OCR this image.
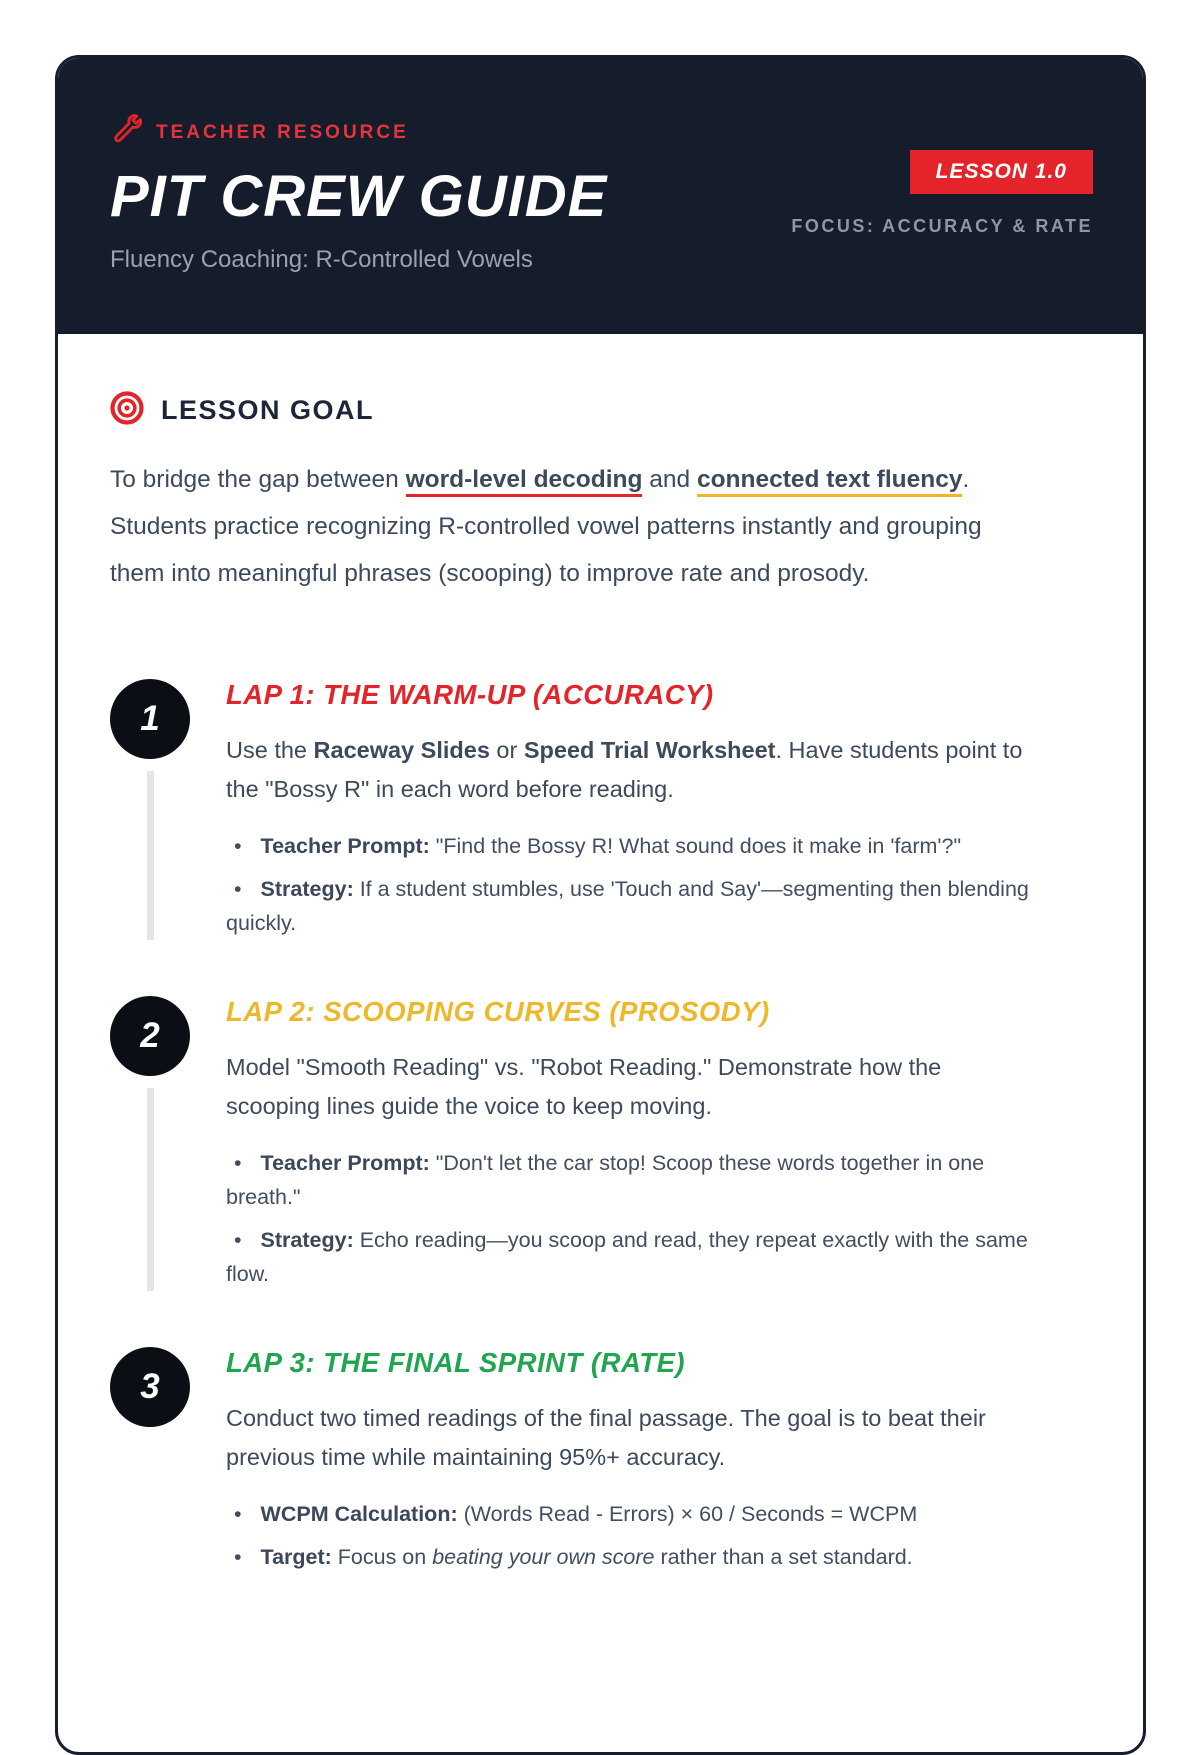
TEACHER RESOURCE
PIT CREW GUIDE
Fluency Coaching: R-Controlled Vowels
LESSON 1.0
FOCUS: ACCURACY & RATE
LESSON GOAL

To bridge the gap between word-level decoding and connected text fluency. Students practice recognizing R-controlled vowel patterns instantly and grouping them into meaningful phrases (scooping) to improve rate and prosody.

1
LAP 1: THE WARM-UP (ACCURACY)

Use the Raceway Slides or Speed Trial Worksheet. Have students point to the "Bossy R" in each word before reading.

• Teacher Prompt: "Find the Bossy R! What sound does it make in 'farm'?"
• Strategy: If a student stumbles, use 'Touch and Say'—segmenting then blending quickly.
2
LAP 2: SCOOPING CURVES (PROSODY)

Model "Smooth Reading" vs. "Robot Reading." Demonstrate how the scooping lines guide the voice to keep moving.

• Teacher Prompt: "Don't let the car stop! Scoop these words together in one breath."
• Strategy: Echo reading—you scoop and read, they repeat exactly with the same flow.
3
LAP 3: THE FINAL SPRINT (RATE)

Conduct two timed readings of the final passage. The goal is to beat their previous time while maintaining 95%+ accuracy.

• WCPM Calculation: (Words Read - Errors) × 60 / Seconds = WCPM
• Target: Focus on beating your own score rather than a set standard.
